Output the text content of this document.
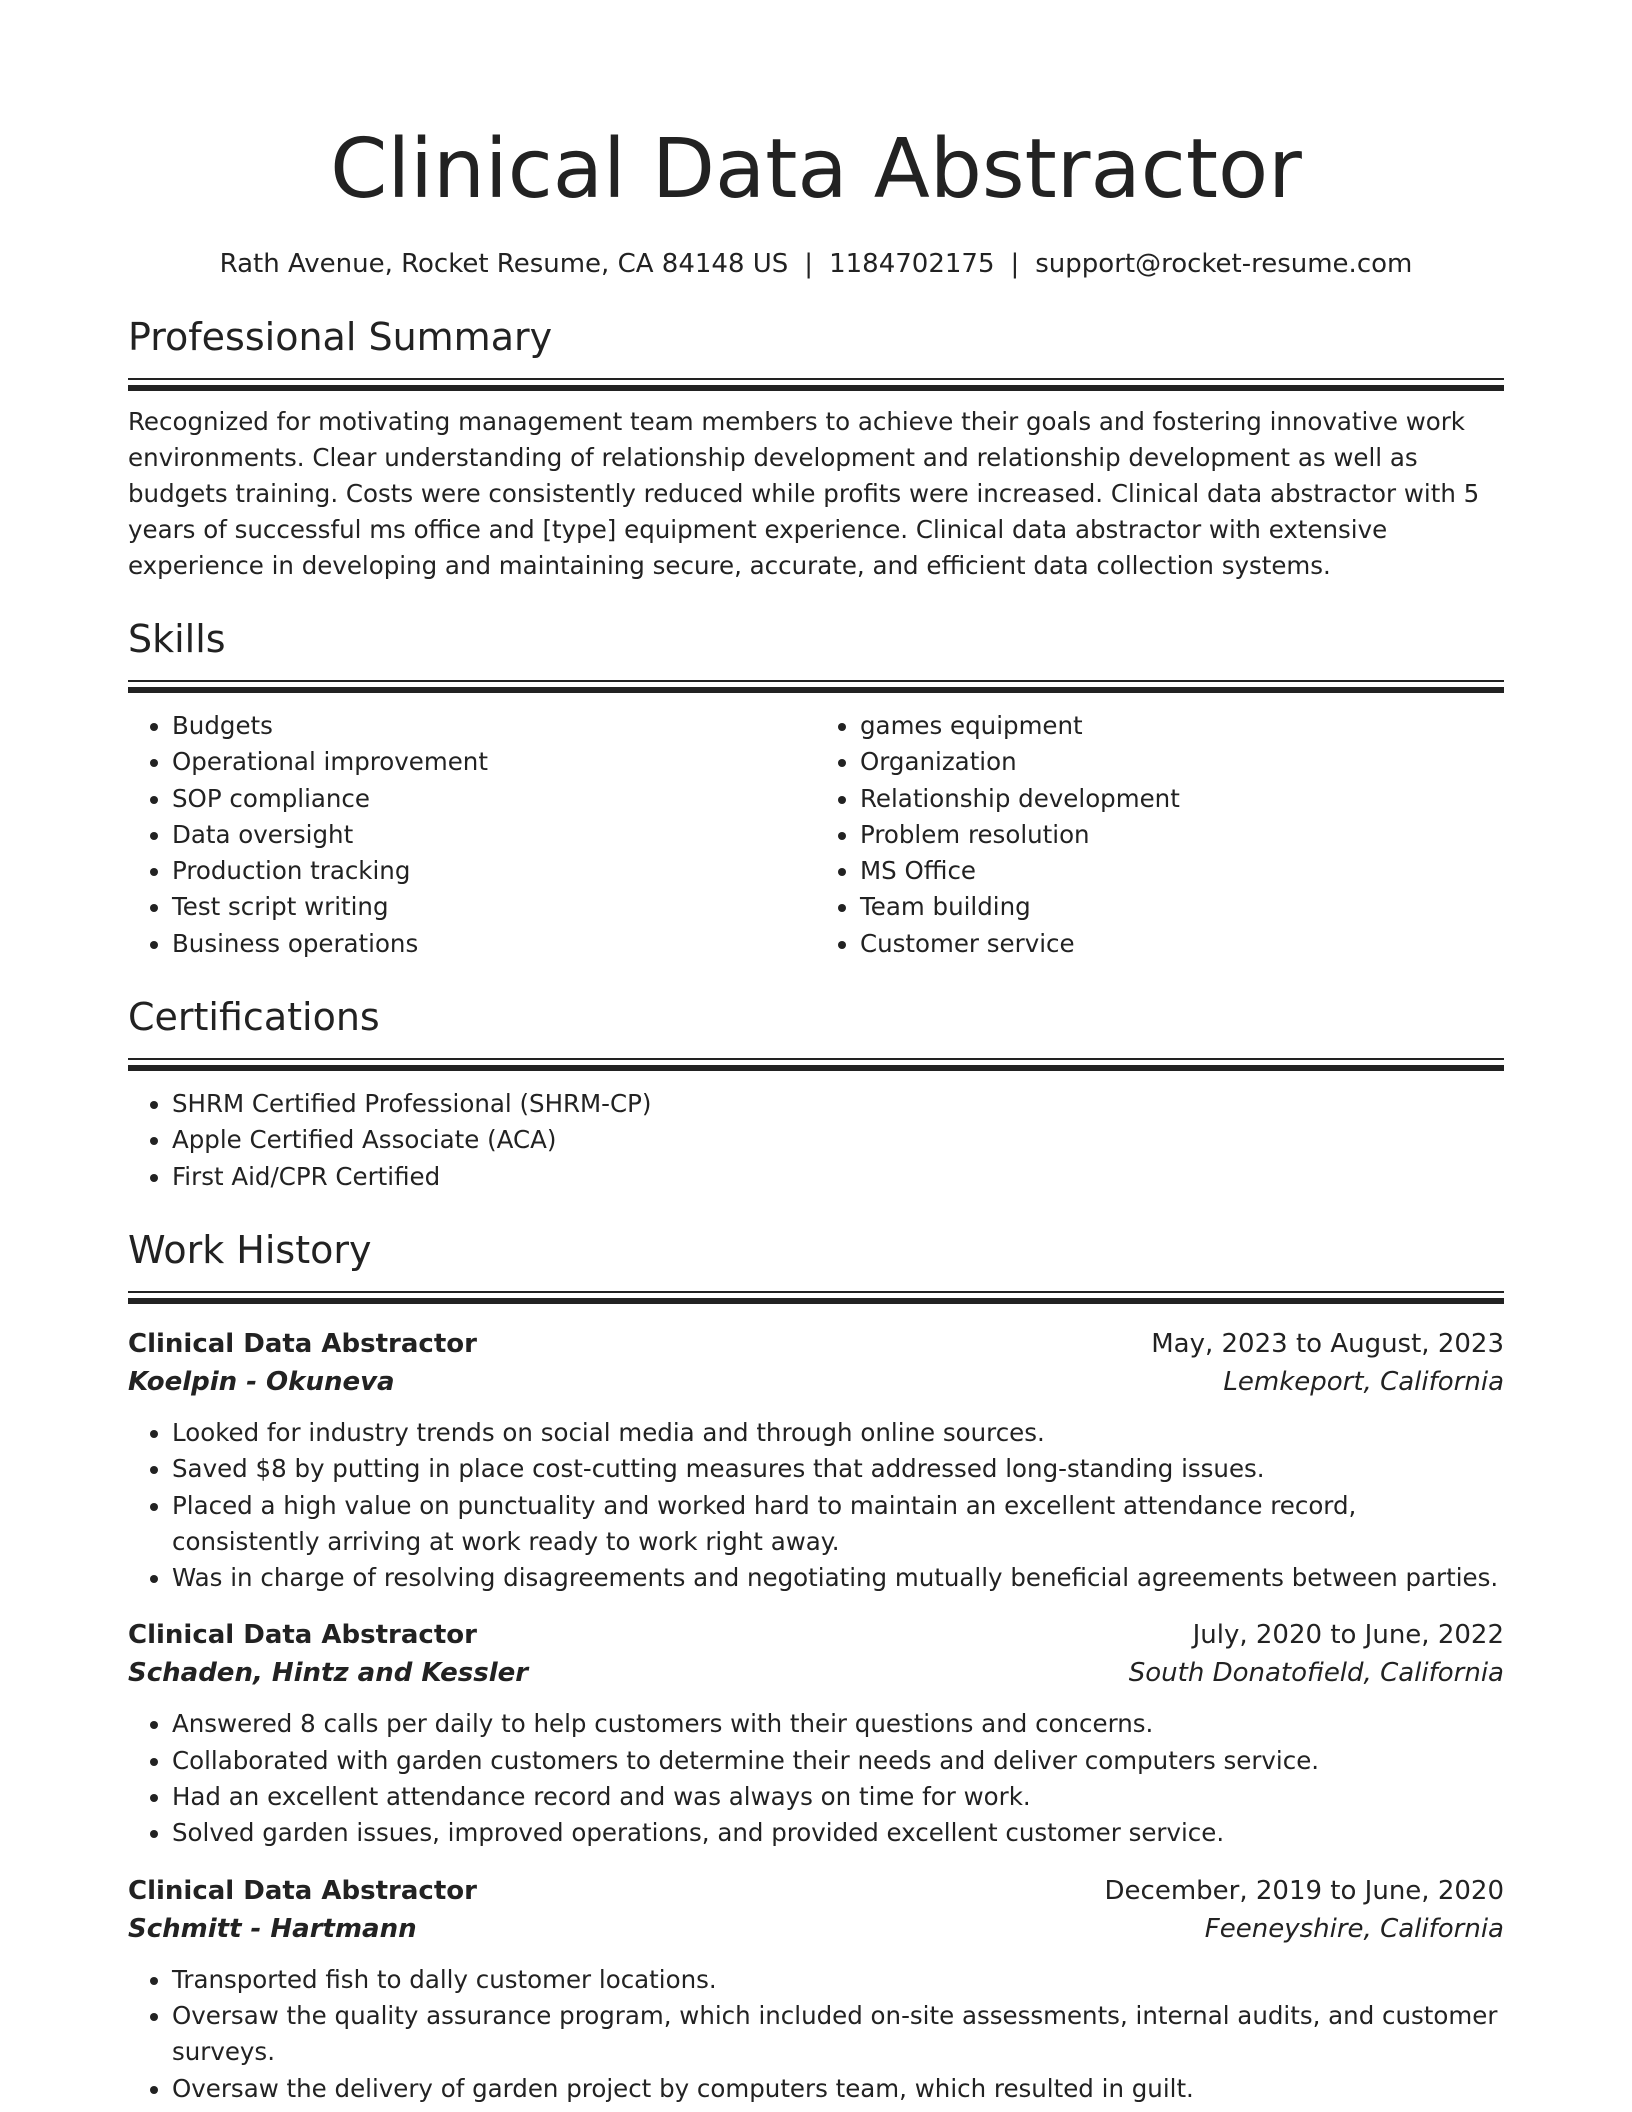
Clinical Data Abstractor
Rath Avenue, Rocket Resume, CA 84148 US | 1184702175 | support@rocket-resume.com
Professional Summary
Recognized for motivating management team members to achieve their goals and fostering innovative work environments. Clear understanding of relationship development and relationship development as well as budgets training. Costs were consistently reduced while profits were increased. Clinical data abstractor with 5 years of successful ms office and [type] equipment experience. Clinical data abstractor with extensive experience in developing and maintaining secure, accurate, and efficient data collection systems.
Skills
• Budgets
• Operational improvement
• SOP compliance
• Data oversight
• Production tracking
• Test script writing
• Business operations
• games equipment
• Organization
• Relationship development
• Problem resolution
• MS Office
• Team building
• Customer service
Certifications
• SHRM Certified Professional (SHRM-CP)
• Apple Certified Associate (ACA)
• First Aid/CPR Certified
Work History
Clinical Data Abstractor	May, 2023 to August, 2023
Koelpin - Okuneva	Lemkeport, California
• Looked for industry trends on social media and through online sources.
• Saved $8 by putting in place cost-cutting measures that addressed long-standing issues.
• Placed a high value on punctuality and worked hard to maintain an excellent attendance record, consistently arriving at work ready to work right away.
• Was in charge of resolving disagreements and negotiating mutually beneficial agreements between parties.
Clinical Data Abstractor	July, 2020 to June, 2022
Schaden, Hintz and Kessler	South Donatofield, California
• Answered 8 calls per daily to help customers with their questions and concerns.
• Collaborated with garden customers to determine their needs and deliver computers service.
• Had an excellent attendance record and was always on time for work.
• Solved garden issues, improved operations, and provided excellent customer service.
Clinical Data Abstractor	December, 2019 to June, 2020
Schmitt - Hartmann	Feeneyshire, California
• Transported fish to dally customer locations.
• Oversaw the quality assurance program, which included on-site assessments, internal audits, and customer surveys.
• Oversaw the delivery of garden project by computers team, which resulted in guilt.
